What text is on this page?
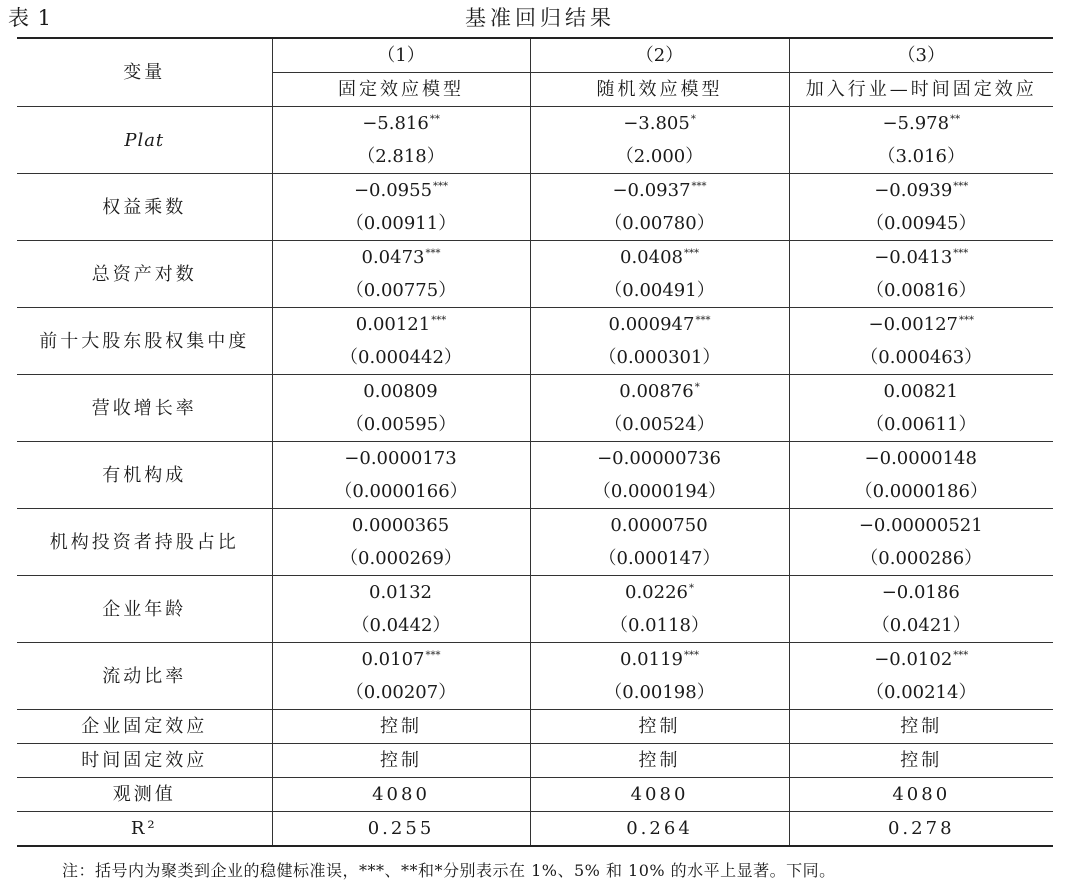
表 1	基准回归结果
变量	（1）	（2）	（3）
	固定效应模型	随机效应模型	加入行业—时间固定效应
Plat	−5.816**	−3.805*	−5.978**
	（2.818）	（2.000）	（3.016）
权益乘数	−0.0955***	−0.0937***	−0.0939***
	（0.00911）	（0.00780）	（0.00945）
总资产对数	0.0473***	0.0408***	−0.0413***
	（0.00775）	（0.00491）	（0.00816）
前十大股东股权集中度	0.00121***	0.000947***	−0.00127***
	（0.000442）	（0.000301）	（0.000463）
营收增长率	0.00809	0.00876*	0.00821
	（0.00595）	（0.00524）	（0.00611）
有机构成	−0.0000173	−0.00000736	−0.0000148
	（0.0000166）	（0.0000194）	（0.0000186）
机构投资者持股占比	0.0000365	0.0000750	−0.00000521
	（0.000269）	（0.000147）	（0.000286）
企业年龄	0.0132	0.0226*	−0.0186
	（0.0442）	（0.0118）	（0.0421）
流动比率	0.0107***	0.0119***	−0.0102***
	（0.00207）	（0.00198）	（0.00214）
企业固定效应	控制	控制	控制
时间固定效应	控制	控制	控制
观测值	4080	4080	4080
R²	0.255	0.264	0.278
注：括号内为聚类到企业的稳健标准误，***、**和*分别表示在 1%、5% 和 10% 的水平上显著。下同。
